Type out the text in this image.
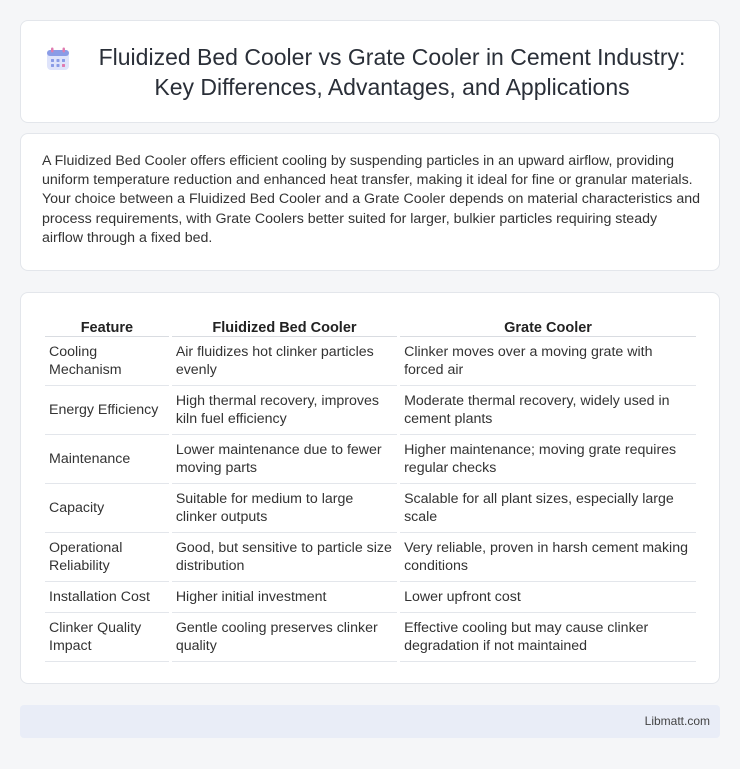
Fluidized Bed Cooler vs Grate Cooler in Cement Industry: Key Differences, Advantages, and Applications

A Fluidized Bed Cooler offers efficient cooling by suspending particles in an upward airflow, providing uniform temperature reduction and enhanced heat transfer, making it ideal for fine or granular materials. Your choice between a Fluidized Bed Cooler and a Grate Cooler depends on material characteristics and process requirements, with Grate Coolers better suited for larger, bulkier particles requiring steady airflow through a fixed bed.

Feature	Fluidized Bed Cooler	Grate Cooler
Cooling Mechanism	Air fluidizes hot clinker particles evenly	Clinker moves over a moving grate with forced air
Energy Efficiency	High thermal recovery, improves kiln fuel efficiency	Moderate thermal recovery, widely used in cement plants
Maintenance	Lower maintenance due to fewer moving parts	Higher maintenance; moving grate requires regular checks
Capacity	Suitable for medium to large clinker outputs	Scalable for all plant sizes, especially large scale
Operational Reliability	Good, but sensitive to particle size distribution	Very reliable, proven in harsh cement making conditions
Installation Cost	Higher initial investment	Lower upfront cost
Clinker Quality Impact	Gentle cooling preserves clinker quality	Effective cooling but may cause clinker degradation if not maintained
Libmatt.com
